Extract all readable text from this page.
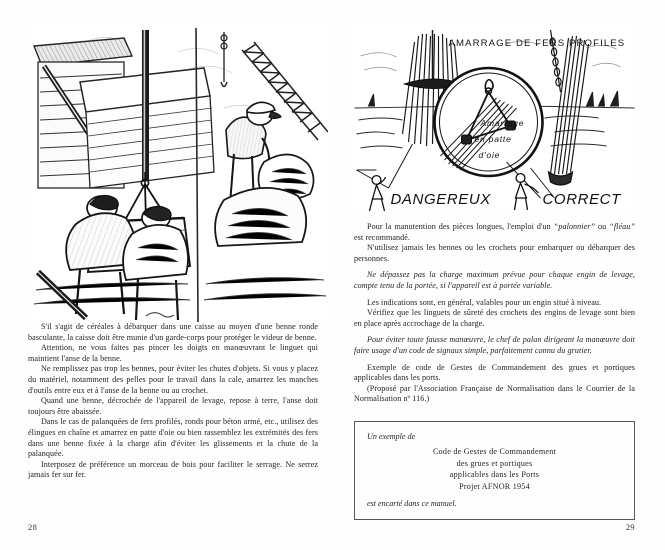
S'il s'agit de céréales à débarquer dans une caisse au moyen d'une benne ronde basculante, la caisse doit être munie d'un garde-corps pour protéger le videur de benne.

Attention, ne vous faites pas pincer les doigts en manœuvrant le linguet qui maintient l'anse de la benne.

Ne remplissez pas trop les bennes, pour éviter les chutes d'objets. Si vous y placez du matériel, notamment des pelles pour le travail dans la cale, amarrez les manches d'outils entre eux et à l'anse de la benne ou au crochet.

Quand une benne, décrochée de l'appareil de levage, repose à terre, l'anse doit toujours être abaissée.

Dans le cas de palanquées de fers profilés, ronds pour béton armé, etc., utilisez des élingues en chaîne et amarrez en patte d'oie ou bien rassemblez les extrémités des fers dans une benne fixée à la charge afin d'éviter les glissements et la chute de la palanquée.

Interposez de préférence un morceau de bois pour faciliter le serrage. Ne serrez jamais fer sur fer.

28
Amarrage
en patte
d'oie
AMARRAGE DE FERS PROFILES
DANGEREUX	CORRECT

Pour la manutention des pièces longues, l'emploi d'un “palonnier” ou “fléau” est recommandé.

N'utilisez jamais les bennes ou les crochets pour embarquer ou débarquer des personnes.

Ne dépassez pas la charge maximum prévue pour chaque engin de levage, compte tenu de la portée, si l'appareil est à portée variable.

Les indications sont, en général, valables pour un engin situé à niveau.

Vérifiez que les linguets de sûreté des crochets des engins de levage sont bien en place après accrochage de la charge.

Pour éviter toute fausse manœuvre, le chef de palan dirigeant la manœuvre doit faire usage d'un code de signaux simple, parfaitement connu du grutier.

Exemple de code de Gestes de Commandement des grues et portiques applicables dans les ports.

(Proposé par l'Association Française de Normalisation dans le Courrier de la Normalisation nº 116.)

Un exemple de

Code de Gestes de Commandement
des grues et portiques
applicables dans les Ports
Projet AFNOR 1954

est encarté dans ce manuel.

29
